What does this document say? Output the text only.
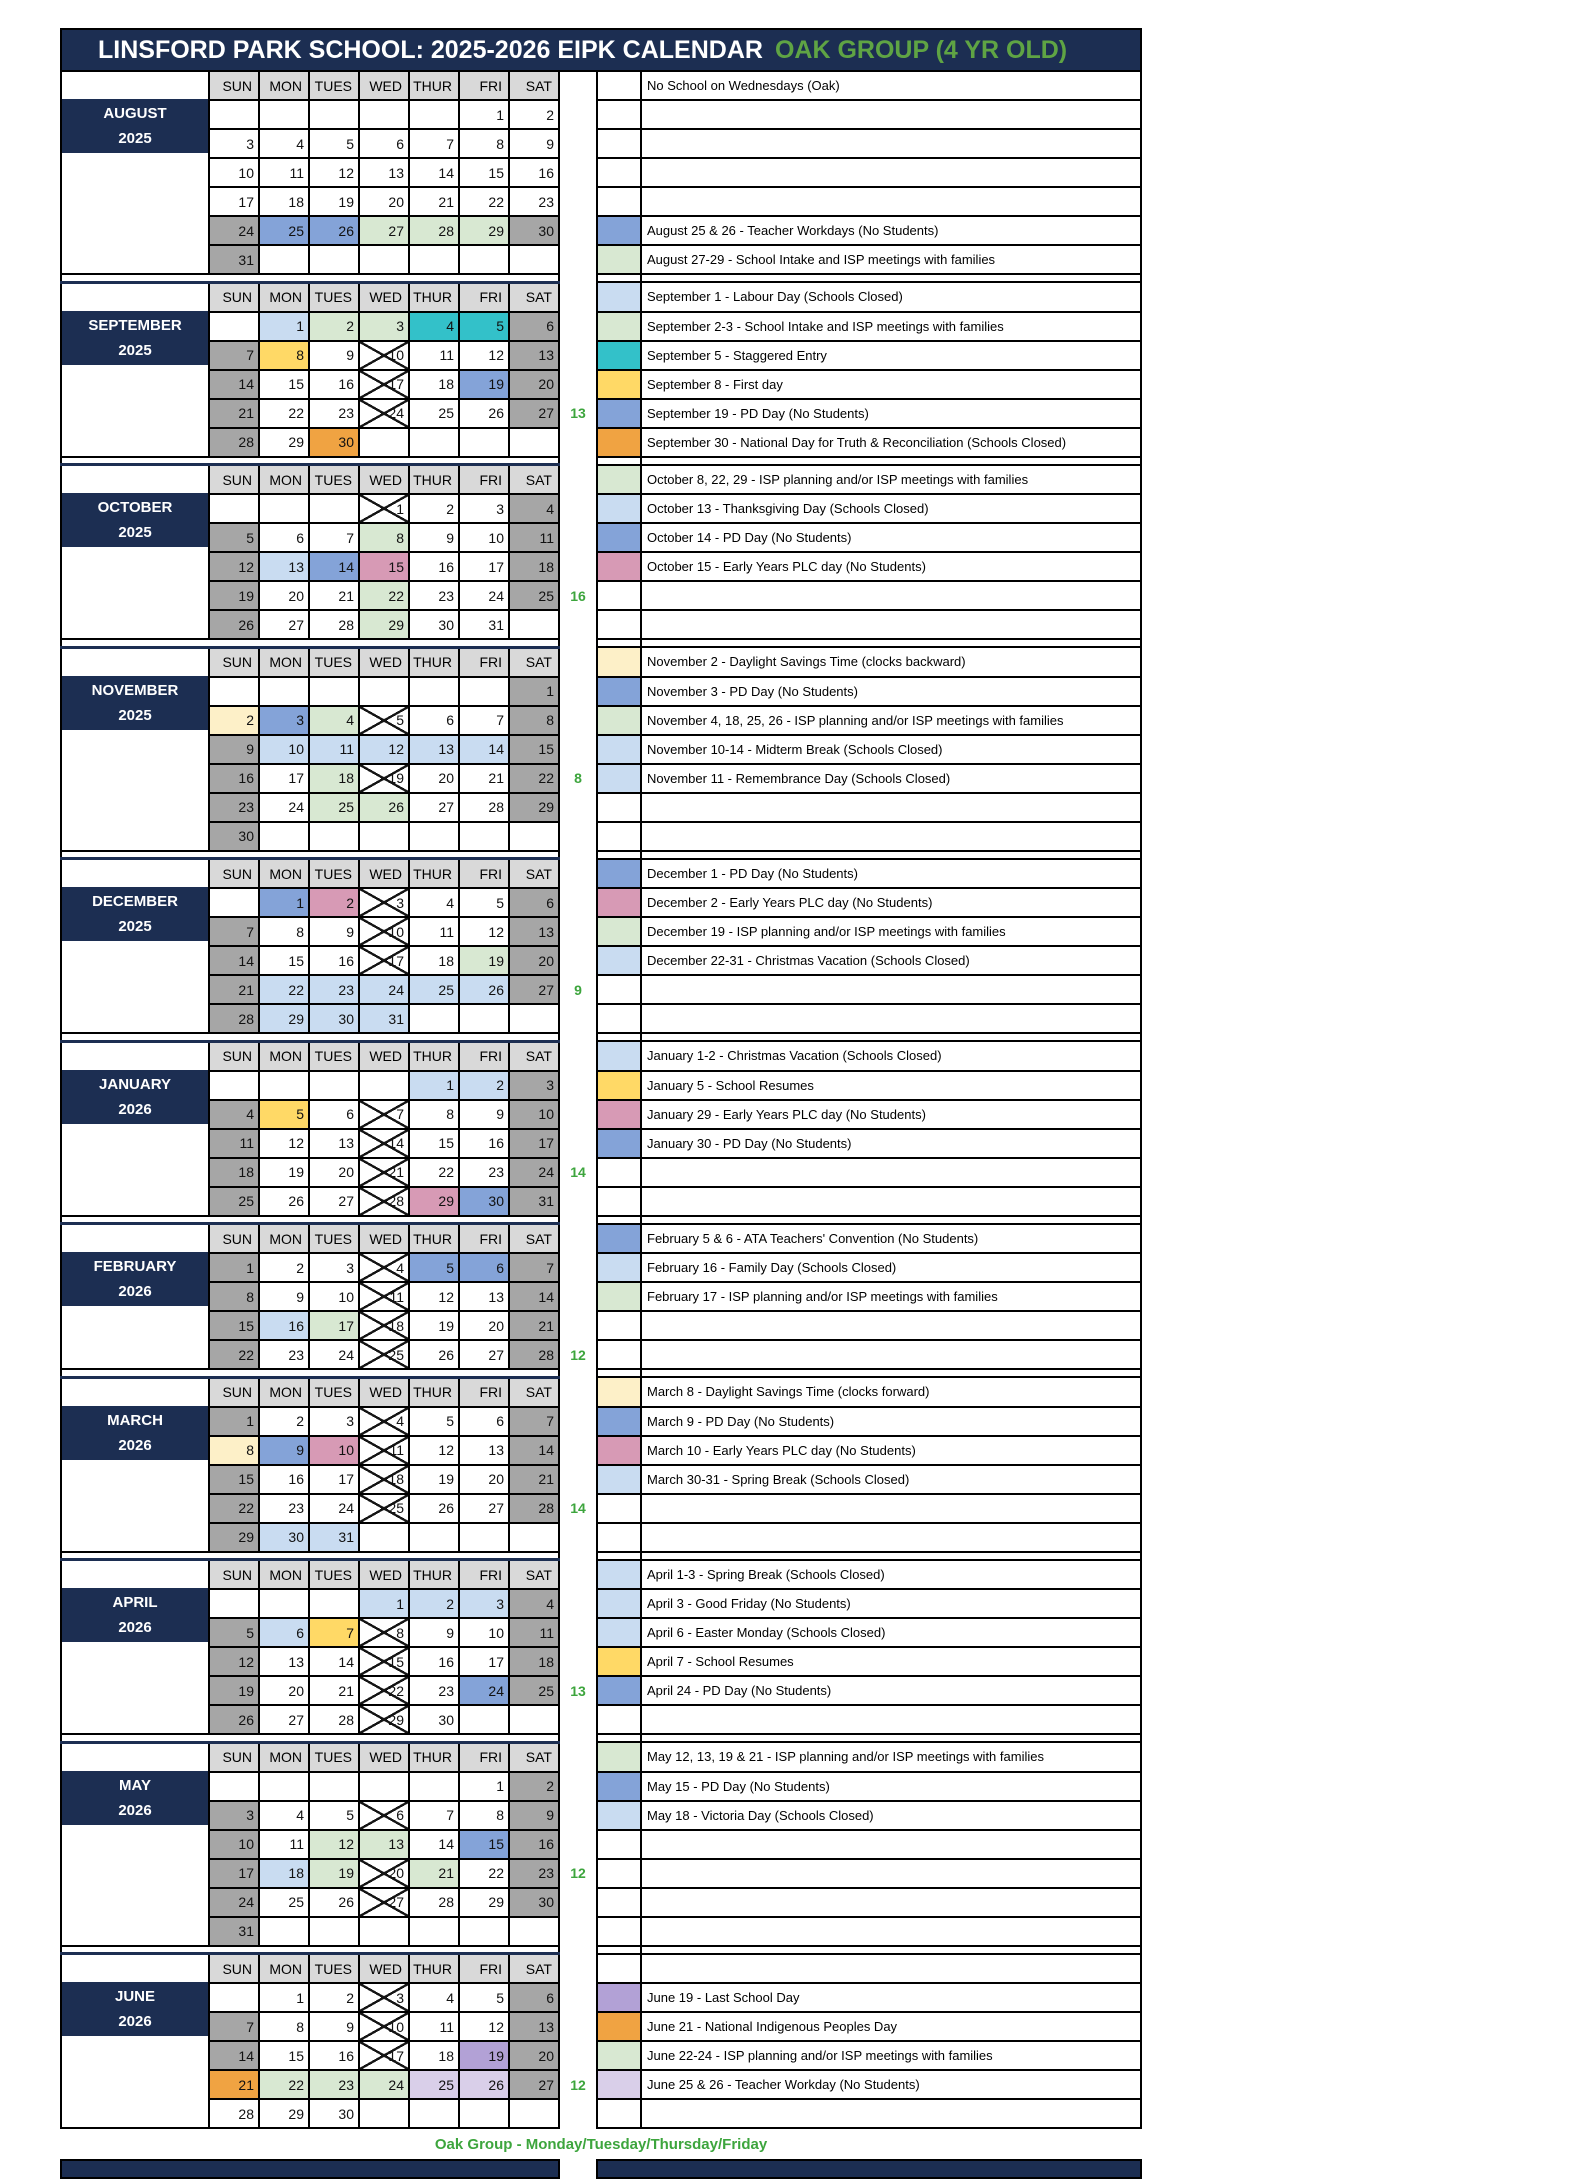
LINSFORD PARK SCHOOL: 2025-2026 EIPK CALENDAR OAK GROUP (4 YR OLD)										

AUGUST
2025	SUN	MON	TUES	WED	THUR	FRI	SAT			No School on Wednesdays (Oak)
						1	2			
	3	4	5	6	7	8	9			
	10	11	12	13	14	15	16			
	17	18	19	20	21	22	23			
	24	25	26	27	28	29	30			August 25 & 26 - Teacher Workdays (No Students)
	31									August 27-29 - School Intake and ISP meetings with families

SEPTEMBER
2025	SUN	MON	TUES	WED	THUR	FRI	SAT			September 1 - Labour Day (Schools Closed)
		1	2	3	4	5	6			September 2-3 - School Intake and ISP meetings with families
	7	8	9	10	11	12	13			September 5 - Staggered Entry
	14	15	16	17	18	19	20			September 8 - First day
	21	22	23	24	25	26	27	13		September 19 - PD Day (No Students)
	28	29	30							September 30 - National Day for Truth & Reconciliation (Schools Closed)

OCTOBER
2025	SUN	MON	TUES	WED	THUR	FRI	SAT			October 8, 22, 29 - ISP planning and/or ISP meetings with families
				1	2	3	4			October 13 - Thanksgiving Day (Schools Closed)
	5	6	7	8	9	10	11			October 14 - PD Day (No Students)
	12	13	14	15	16	17	18			October 15 - Early Years PLC day (No Students)
	19	20	21	22	23	24	25	16		
	26	27	28	29	30	31				

NOVEMBER
2025	SUN	MON	TUES	WED	THUR	FRI	SAT			November 2 - Daylight Savings Time (clocks backward)
							1			November 3 - PD Day (No Students)
	2	3	4	5	6	7	8			November 4, 18, 25, 26 - ISP planning and/or ISP meetings with families
	9	10	11	12	13	14	15			November 10-14 - Midterm Break (Schools Closed)
	16	17	18	19	20	21	22	8		November 11 - Remembrance Day (Schools Closed)
	23	24	25	26	27	28	29			
	30									

DECEMBER
2025	SUN	MON	TUES	WED	THUR	FRI	SAT			December 1 - PD Day (No Students)
		1	2	3	4	5	6			December 2 - Early Years PLC day (No Students)
	7	8	9	10	11	12	13			December 19 - ISP planning and/or ISP meetings with families
	14	15	16	17	18	19	20			December 22-31 - Christmas Vacation (Schools Closed)
	21	22	23	24	25	26	27	9		
	28	29	30	31						

JANUARY
2026	SUN	MON	TUES	WED	THUR	FRI	SAT			January 1-2 - Christmas Vacation (Schools Closed)
					1	2	3			January 5 - School Resumes
	4	5	6	7	8	9	10			January 29 - Early Years PLC day (No Students)
	11	12	13	14	15	16	17			January 30 - PD Day (No Students)
	18	19	20	21	22	23	24	14		
	25	26	27	28	29	30	31			

FEBRUARY
2026	SUN	MON	TUES	WED	THUR	FRI	SAT			February 5 & 6 - ATA Teachers' Convention (No Students)
	1	2	3	4	5	6	7			February 16 - Family Day (Schools Closed)
	8	9	10	11	12	13	14			February 17 - ISP planning and/or ISP meetings with families
	15	16	17	18	19	20	21			
	22	23	24	25	26	27	28	12		

MARCH
2026	SUN	MON	TUES	WED	THUR	FRI	SAT			March 8 - Daylight Savings Time (clocks forward)
	1	2	3	4	5	6	7			March 9 - PD Day (No Students)
	8	9	10	11	12	13	14			March 10 - Early Years PLC day (No Students)
	15	16	17	18	19	20	21			March 30-31 - Spring Break (Schools Closed)
	22	23	24	25	26	27	28	14		
	29	30	31							

APRIL
2026	SUN	MON	TUES	WED	THUR	FRI	SAT			April 1-3 - Spring Break (Schools Closed)
				1	2	3	4			April 3 - Good Friday (No Students)
	5	6	7	8	9	10	11			April 6 - Easter Monday (Schools Closed)
	12	13	14	15	16	17	18			April 7 - School Resumes
	19	20	21	22	23	24	25	13		April 24 - PD Day (No Students)
	26	27	28	29	30					

MAY
2026	SUN	MON	TUES	WED	THUR	FRI	SAT			May 12, 13, 19 & 21 - ISP planning and/or ISP meetings with families
						1	2			May 15 - PD Day (No Students)
	3	4	5	6	7	8	9			May 18 - Victoria Day (Schools Closed)
	10	11	12	13	14	15	16			
	17	18	19	20	21	22	23	12		
	24	25	26	27	28	29	30			
	31									

JUNE
2026	SUN	MON	TUES	WED	THUR	FRI	SAT			
		1	2	3	4	5	6			June 19 - Last School Day
	7	8	9	10	11	12	13			June 21 - National Indigenous Peoples Day
	14	15	16	17	18	19	20			June 22-24 - ISP planning and/or ISP meetings with families
	21	22	23	24	25	26	27	12		June 25 & 26 - Teacher Workday (No Students)
	28	29	30							
Oak Group - Monday/Tuesday/Thursday/Friday										
